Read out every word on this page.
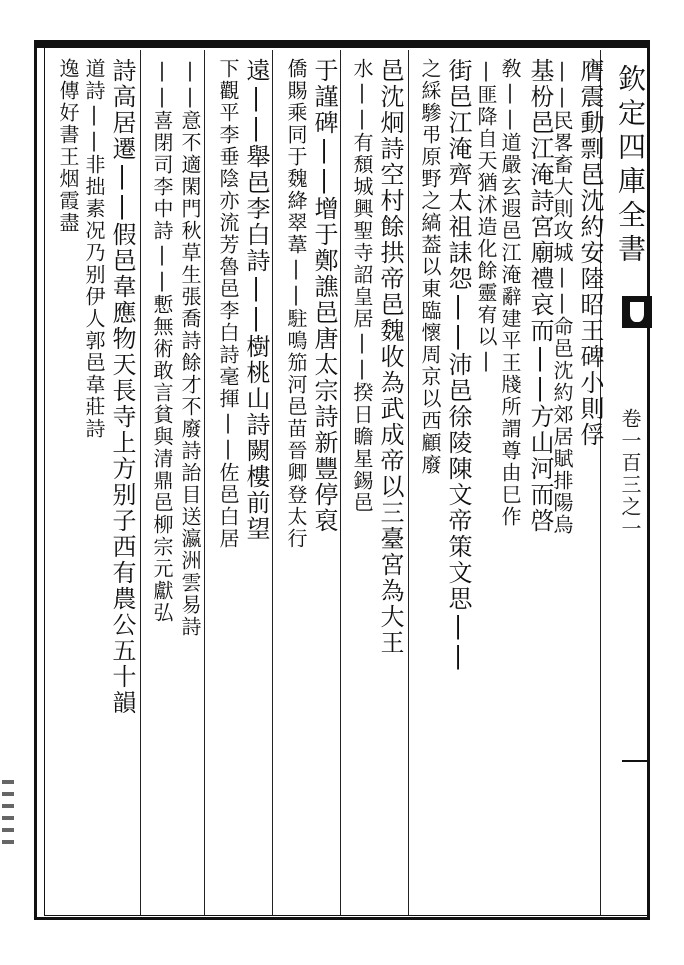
欽定四庫全書
卷一百三之一
膺震動剽邑沈約安陸昭王碑小則俘
||民畧畜大則攻城||命邑沈約郊居賦排陽烏
基枌邑江淹詩宮廟禮哀而||方山河而啓
敎||道嚴玄遐邑江淹辭建平王牋所謂尊由巳作
|匪降自天猶沭造化餘靈宥以|
街邑江淹齊太祖誄怨||沛邑徐陵陳文帝策文思||
之綵驂弔原野之縞葢以東臨懷周京以西顧廢
邑沈炯詩空村餘拱帝邑魏收為武成帝以三臺宮為大王
水||有頹城興聖寺詔皇居||揆日瞻星錫邑
于謹碑||增于鄭譙邑唐太宗詩新豐停裒
僑賜乘同于魏絳翠葦||駐鳴笳河邑苗晉卿登太行
遠||舉邑李白詩||樹桃山詩闕樓前望
下觀平李垂陰亦流芳魯邑李白詩毫揮||佐邑白居
||意不適閑門秋草生張喬詩餘才不廢詩詒目送瀛洲雲易詩
||喜閉司李中詩||慙無術敢言貧與清鼎邑柳宗元獻弘
詩高居遷||假邑韋應物天長寺上方别子西有農公五十韻
道詩||非拙素况乃别伊人郭邑韋莊詩
逸傳好書王烟霞盡
